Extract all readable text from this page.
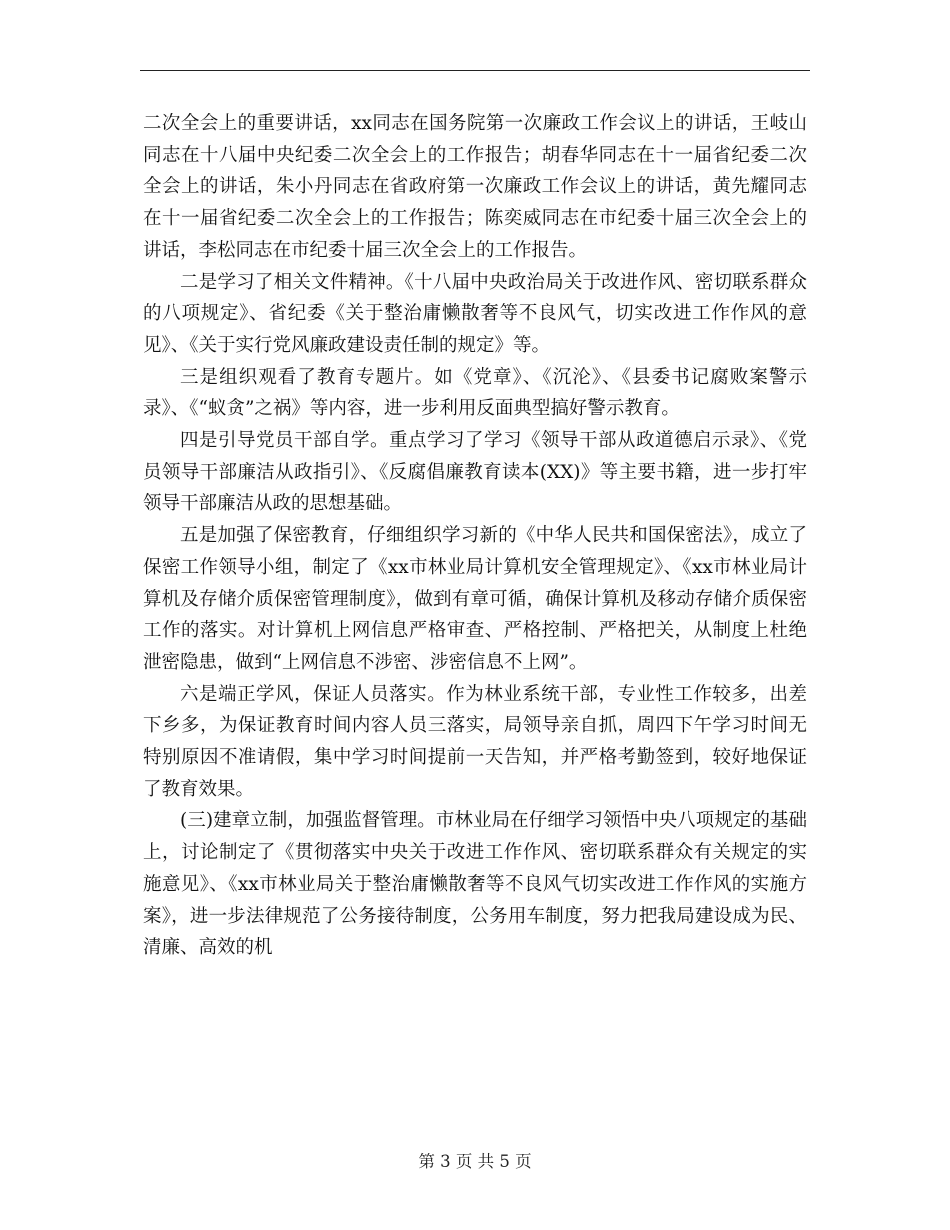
二次全会上的重要讲话，xx同志在国务院第一次廉政工作会议上的讲话，王岐山同志在十八届中央纪委二次全会上的工作报告；胡春华同志在十一届省纪委二次全会上的讲话，朱小丹同志在省政府第一次廉政工作会议上的讲话，黄先耀同志在十一届省纪委二次全会上的工作报告；陈奕威同志在市纪委十届三次全会上的讲话，李松同志在市纪委十届三次全会上的工作报告。

二是学习了相关文件精神。《十八届中央政治局关于改进作风、密切联系群众的八项规定》、省纪委《关于整治庸懒散奢等不良风气，切实改进工作作风的意见》、《关于实行党风廉政建设责任制的规定》等。

三是组织观看了教育专题片。如《党章》、《沉沦》、《县委书记腐败案警示录》、《“蚁贪”之祸》等内容，进一步利用反面典型搞好警示教育。

四是引导党员干部自学。重点学习了学习《领导干部从政道德启示录》、《党员领导干部廉洁从政指引》、《反腐倡廉教育读本(XX)》等主要书籍，进一步打牢领导干部廉洁从政的思想基础。

五是加强了保密教育，仔细组织学习新的《中华人民共和国保密法》，成立了保密工作领导小组，制定了《xx市林业局计算机安全管理规定》、《xx市林业局计算机及存储介质保密管理制度》，做到有章可循，确保计算机及移动存储介质保密工作的落实。对计算机上网信息严格审查、严格控制、严格把关，从制度上杜绝泄密隐患，做到“上网信息不涉密、涉密信息不上网”。

六是端正学风，保证人员落实。作为林业系统干部，专业性工作较多，出差下乡多，为保证教育时间内容人员三落实，局领导亲自抓，周四下午学习时间无特别原因不准请假，集中学习时间提前一天告知，并严格考勤签到，较好地保证了教育效果。

(三)建章立制，加强监督管理。市林业局在仔细学习领悟中央八项规定的基础上，讨论制定了《贯彻落实中央关于改进工作作风、密切联系群众有关规定的实施意见》、《xx市林业局关于整治庸懒散奢等不良风气切实改进工作作风的实施方案》，进一步法律规范了公务接待制度，公务用车制度，努力把我局建设成为民、清廉、高效的机

第 3 页 共 5 页
